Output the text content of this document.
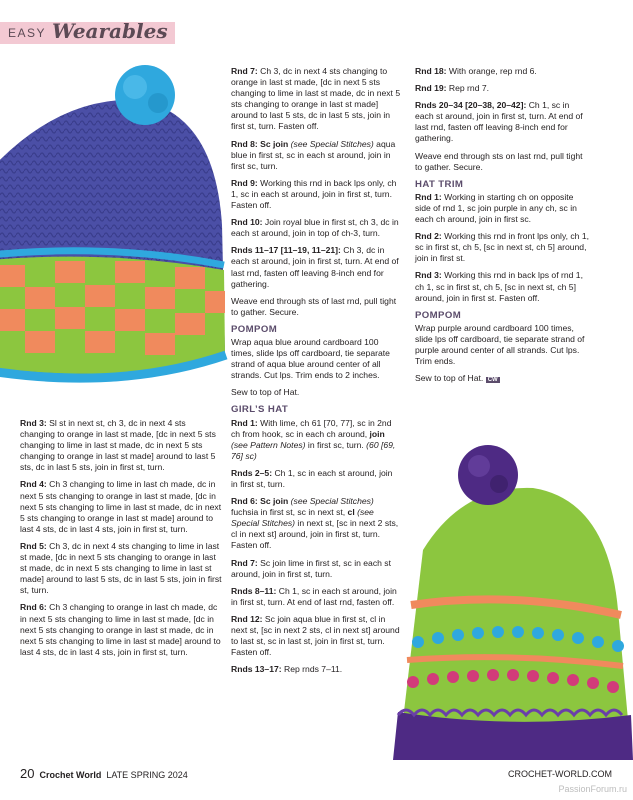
EASY Wearables

Rnd 3: Sl st in next st, ch 3, dc in next 4 sts changing to orange in last st made, [dc in next 5 sts changing to lime in last st made, dc in next 5 sts changing to orange in last st made] around to last 5 sts, dc in last 5 sts, join in first st, turn.

Rnd 4: Ch 3 changing to lime in last ch made, dc in next 5 sts changing to orange in last st made, [dc in next 5 sts changing to lime in last st made, dc in next 5 sts changing to orange in last st made] around to last 4 sts, dc in last 4 sts, join in first st, turn.

Rnd 5: Ch 3, dc in next 4 sts changing to lime in last st made, [dc in next 5 sts changing to orange in last st made, dc in next 5 sts changing to lime in last st made] around to last 5 sts, dc in last 5 sts, join in first st, turn.

Rnd 6: Ch 3 changing to orange in last ch made, dc in next 5 sts changing to lime in last st made, [dc in next 5 sts changing to orange in last st made, dc in next 5 sts changing to lime in last st made] around to last 4 sts, dc in last 4 sts, join in first st, turn.

Rnd 7: Ch 3, dc in next 4 sts changing to orange in last st made, [dc in next 5 sts changing to lime in last st made, dc in next 5 sts changing to orange in last st made] around to last 5 sts, dc in last 5 sts, join in first st, turn. Fasten off.

Rnd 8: Sc join (see Special Stitches) aqua blue in first st, sc in each st around, join in first sc, turn.

Rnd 9: Working this rnd in back lps only, ch 1, sc in each st around, join in first st, turn. Fasten off.

Rnd 10: Join royal blue in first st, ch 3, dc in each st around, join in top of ch-3, turn.

Rnds 11–17 [11–19, 11–21]: Ch 3, dc in each st around, join in first st, turn. At end of last rnd, fasten off leaving 8-inch end for gathering.

Weave end through sts of last rnd, pull tight to gather. Secure.

POMPOM

Wrap aqua blue around cardboard 100 times, slide lps off cardboard, tie separate strand of aqua blue around center of all strands. Cut lps. Trim ends to 2 inches.

Sew to top of Hat.

GIRL’S HAT

Rnd 1: With lime, ch 61 [70, 77], sc in 2nd ch from hook, sc in each ch around, join (see Pattern Notes) in first sc, turn. (60 [69, 76] sc)

Rnds 2–5: Ch 1, sc in each st around, join in first st, turn.

Rnd 6: Sc join (see Special Stitches) fuchsia in first st, sc in next st, cl (see Special Stitches) in next st, [sc in next 2 sts, cl in next st] around, join in first st, turn. Fasten off.

Rnd 7: Sc join lime in first st, sc in each st around, join in first st, turn.

Rnds 8–11: Ch 1, sc in each st around, join in first st, turn. At end of last rnd, fasten off.

Rnd 12: Sc join aqua blue in first st, cl in next st, [sc in next 2 sts, cl in next st] around to last st, sc in last st, join in first st, turn. Fasten off.

Rnds 13–17: Rep rnds 7–11.

Rnd 18: With orange, rep rnd 6.

Rnd 19: Rep rnd 7.

Rnds 20–34 [20–38, 20–42]: Ch 1, sc in each st around, join in first st, turn. At end of last rnd, fasten off leaving 8-inch end for gathering.

Weave end through sts on last rnd, pull tight to gather. Secure.

HAT TRIM

Rnd 1: Working in starting ch on opposite side of rnd 1, sc join purple in any ch, sc in each ch around, join in first sc.

Rnd 2: Working this rnd in front lps only, ch 1, sc in first st, ch 5, [sc in next st, ch 5] around, join in first st.

Rnd 3: Working this rnd in back lps of rnd 1, ch 1, sc in first st, ch 5, [sc in next st, ch 5] around, join in first st. Fasten off.

POMPOM

Wrap purple around cardboard 100 times, slide lps off cardboard, tie separate strand of purple around center of all strands. Cut lps. Trim ends.

Sew to top of Hat. CW

20 Crochet World LATE SPRING 2024	CROCHET-WORLD.COM
PassionForum.ru
